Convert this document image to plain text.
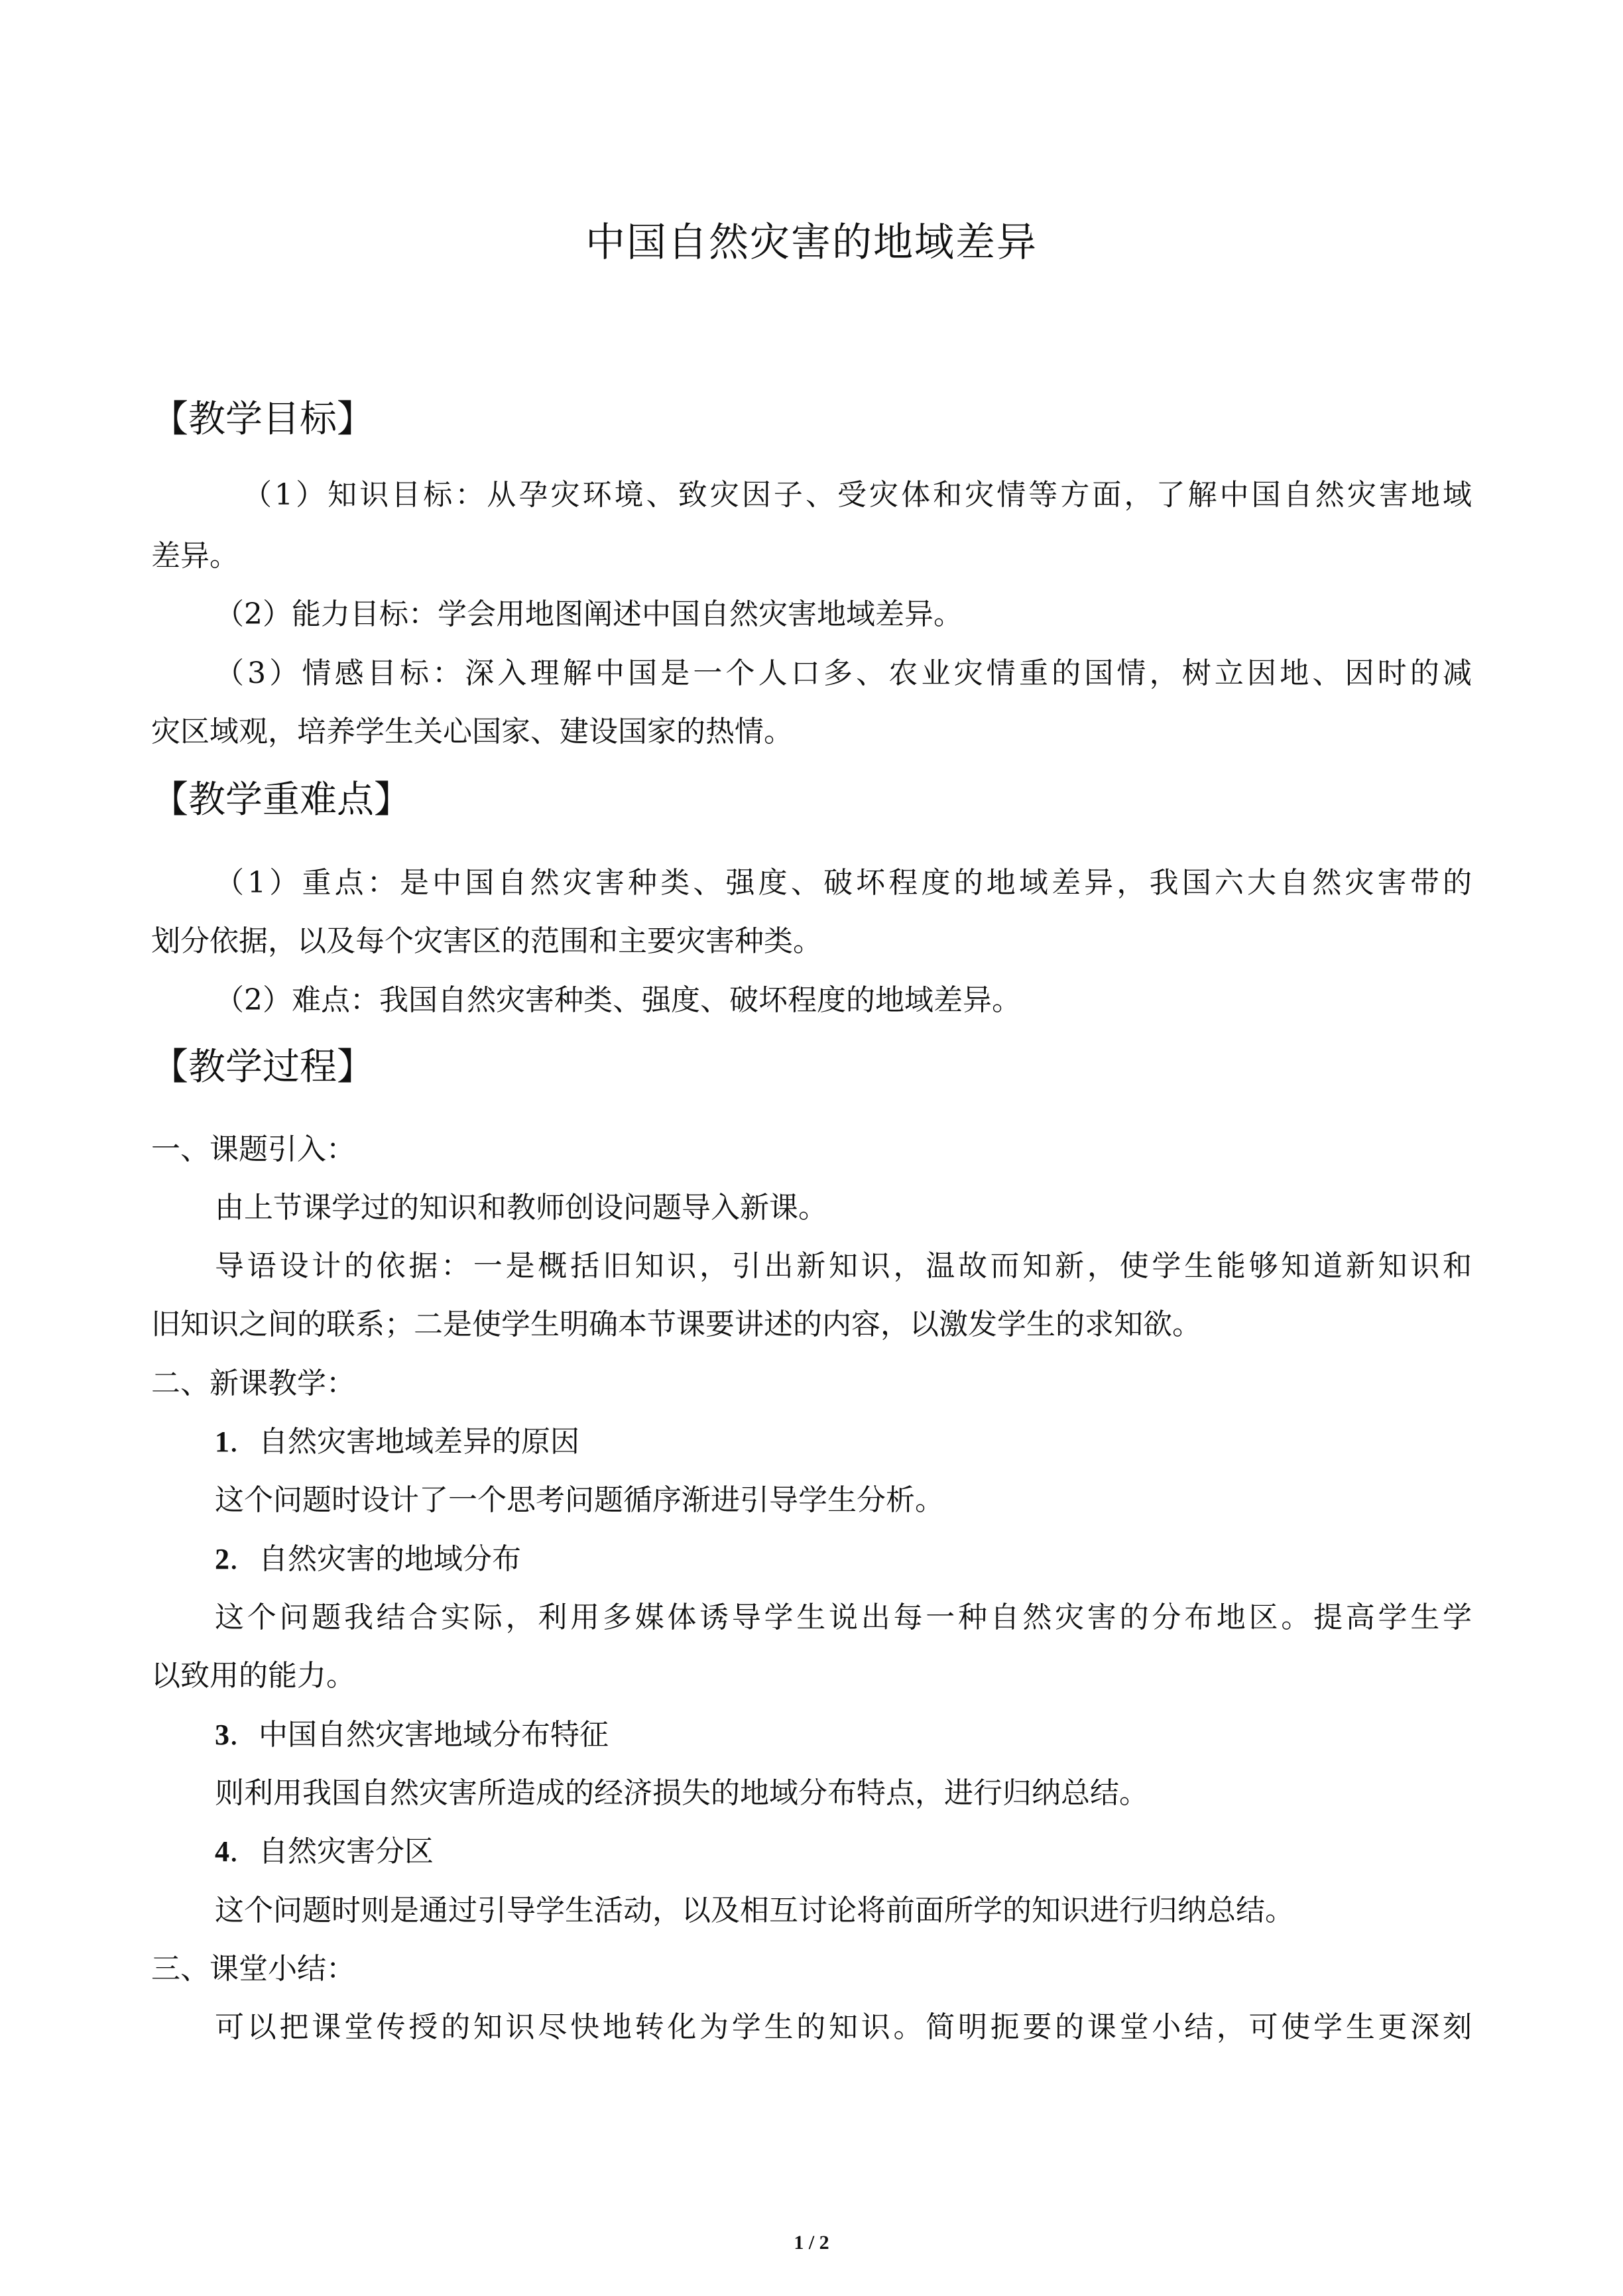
中国自然灾害的地域差异
【教学目标】
（1）知识目标：从孕灾环境、致灾因子、受灾体和灾情等方面，了解中国自然灾害地域
差异。
（2）能力目标：学会用地图阐述中国自然灾害地域差异。
（3）情感目标：深入理解中国是一个人口多、农业灾情重的国情，树立因地、因时的减
灾区域观，培养学生关心国家、建设国家的热情。
【教学重难点】
（1）重点：是中国自然灾害种类、强度、破坏程度的地域差异，我国六大自然灾害带的
划分依据，以及每个灾害区的范围和主要灾害种类。
（2）难点：我国自然灾害种类、强度、破坏程度的地域差异。
【教学过程】
一、课题引入：
由上节课学过的知识和教师创设问题导入新课。
导语设计的依据：一是概括旧知识，引出新知识，温故而知新，使学生能够知道新知识和
旧知识之间的联系；二是使学生明确本节课要讲述的内容，以激发学生的求知欲。
二、新课教学：
1．自然灾害地域差异的原因
这个问题时设计了一个思考问题循序渐进引导学生分析。
2．自然灾害的地域分布
这个问题我结合实际，利用多媒体诱导学生说出每一种自然灾害的分布地区。提高学生学
以致用的能力。
3．中国自然灾害地域分布特征
则利用我国自然灾害所造成的经济损失的地域分布特点，进行归纳总结。
4．自然灾害分区
这个问题时则是通过引导学生活动，以及相互讨论将前面所学的知识进行归纳总结。
三、课堂小结：
可以把课堂传授的知识尽快地转化为学生的知识。简明扼要的课堂小结，可使学生更深刻
1 / 2
